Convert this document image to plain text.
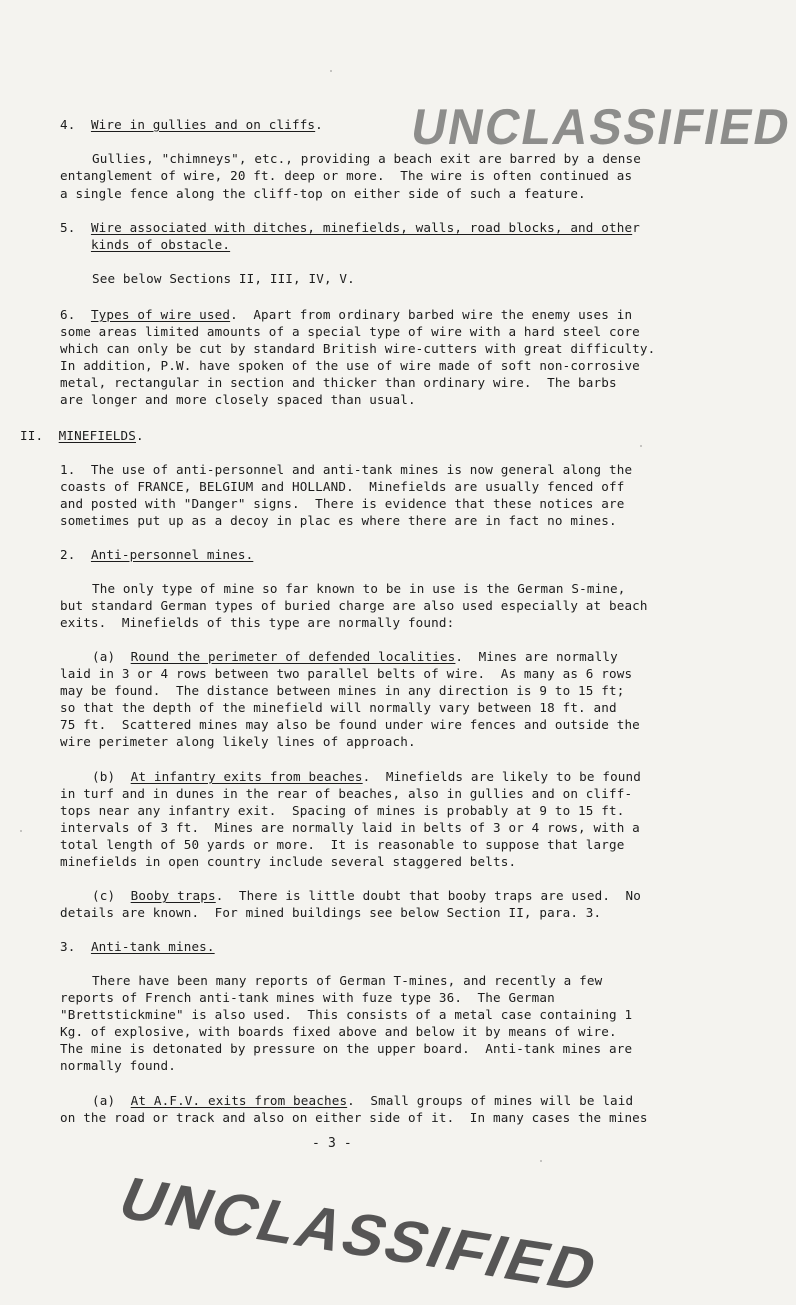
UNCLASSIFIED
4.  Wire in gullies and on cliffs.
Gullies, "chimneys", etc., providing a beach exit are barred by a dense
entanglement of wire, 20 ft. deep or more.  The wire is often continued as
a single fence along the cliff-top on either side of such a feature.
5.  Wire associated with ditches, minefields, walls, road blocks, and other
kinds of obstacle.
See below Sections II, III, IV, V.
6.  Types of wire used.  Apart from ordinary barbed wire the enemy uses in
some areas limited amounts of a special type of wire with a hard steel core
which can only be cut by standard British wire-cutters with great difficulty.
In addition, P.W. have spoken of the use of wire made of soft non-corrosive
metal, rectangular in section and thicker than ordinary wire.  The barbs
are longer and more closely spaced than usual.
II.  MINEFIELDS.
1.  The use of anti-personnel and anti-tank mines is now general along the
coasts of FRANCE, BELGIUM and HOLLAND.  Minefields are usually fenced off
and posted with "Danger" signs.  There is evidence that these notices are
sometimes put up as a decoy in plac es where there are in fact no mines.
2.  Anti-personnel mines.
The only type of mine so far known to be in use is the German S-mine,
but standard German types of buried charge are also used especially at beach
exits.  Minefields of this type are normally found:
(a)  Round the perimeter of defended localities.  Mines are normally
laid in 3 or 4 rows between two parallel belts of wire.  As many as 6 rows
may be found.  The distance between mines in any direction is 9 to 15 ft;
so that the depth of the minefield will normally vary between 18 ft. and
75 ft.  Scattered mines may also be found under wire fences and outside the
wire perimeter along likely lines of approach.
(b)  At infantry exits from beaches.  Minefields are likely to be found
in turf and in dunes in the rear of beaches, also in gullies and on cliff-
tops near any infantry exit.  Spacing of mines is probably at 9 to 15 ft.
intervals of 3 ft.  Mines are normally laid in belts of 3 or 4 rows, with a
total length of 50 yards or more.  It is reasonable to suppose that large
minefields in open country include several staggered belts.
(c)  Booby traps.  There is little doubt that booby traps are used.  No
details are known.  For mined buildings see below Section II, para. 3.
3.  Anti-tank mines.
There have been many reports of German T-mines, and recently a few
reports of French anti-tank mines with fuze type 36.  The German
"Brettstickmine" is also used.  This consists of a metal case containing 1
Kg. of explosive, with boards fixed above and below it by means of wire.
The mine is detonated by pressure on the upper board.  Anti-tank mines are
normally found.
(a)  At A.F.V. exits from beaches.  Small groups of mines will be laid
on the road or track and also on either side of it.  In many cases the mines
- 3 -
UNCLASSIFIED
